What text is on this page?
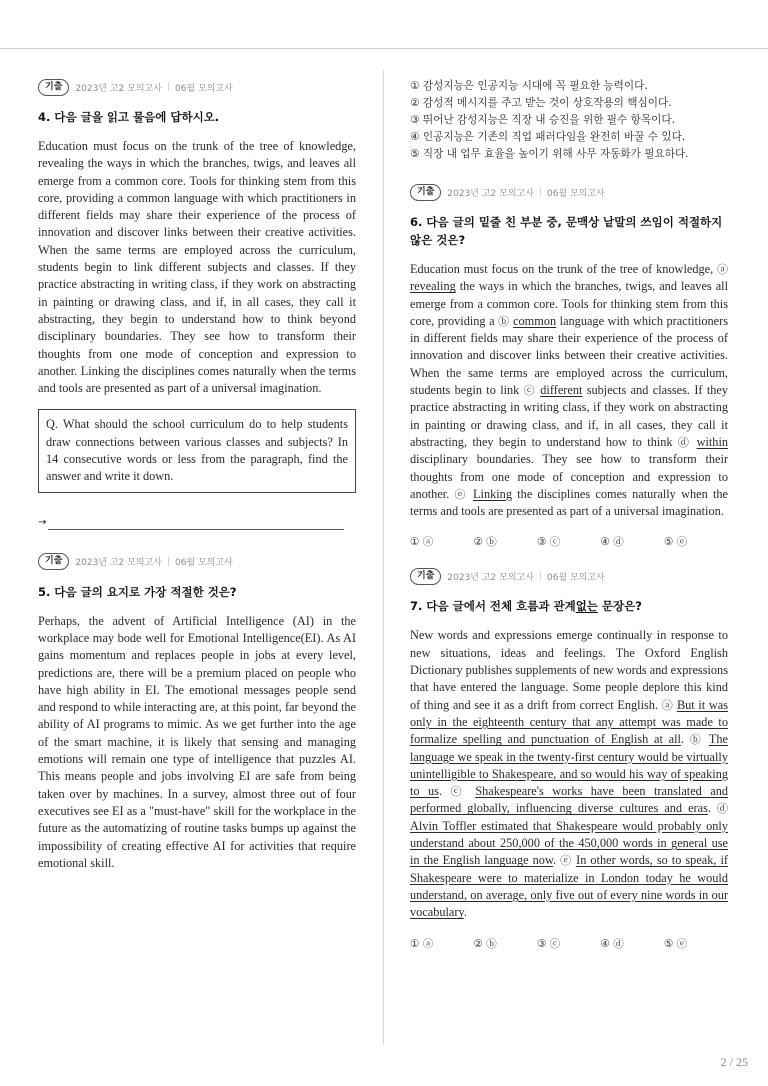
기출	2023년 고2 모의고사 | 06월 모의고사
4. 다음 글을 읽고 물음에 답하시오.

Education must focus on the trunk of the tree of knowledge, revealing the ways in which the branches, twigs, and leaves all emerge from a common core. Tools for thinking stem from this core, providing a common language with which practitioners in different fields may share their experience of the process of innovation and discover links between their creative activities. When the same terms are employed across the curriculum, students begin to link different subjects and classes. If they practice abstracting in writing class, if they work on abstracting in painting or drawing class, and if, in all cases, they call it abstracting, they begin to understand how to think beyond disciplinary boundaries. They see how to transform their thoughts from one mode of conception and expression to another. Linking the disciplines comes naturally when the terms and tools are presented as part of a universal imagination.

Q. What should the school curriculum do to help students draw connections between various classes and subjects? In 14 consecutive words or less from the paragraph, find the answer and write it down.
→
기출	2023년 고2 모의고사 | 06월 모의고사
5. 다음 글의 요지로 가장 적절한 것은?

Perhaps, the advent of Artificial Intelligence (AI) in the workplace may bode well for Emotional Intelligence(EI). As AI gains momentum and replaces people in jobs at every level, predictions are, there will be a premium placed on people who have high ability in EI. The emotional messages people send and respond to while interacting are, at this point, far beyond the ability of AI programs to mimic. As we get further into the age of the smart machine, it is likely that sensing and managing emotions will remain one type of intelligence that puzzles AI. This means people and jobs involving EI are safe from being taken over by machines. In a survey, almost three out of four executives see EI as a "must-have" skill for the workplace in the future as the automatizing of routine tasks bumps up against the impossibility of creating effective AI for activities that require emotional skill.

① 감성지능은 인공지능 시대에 꼭 필요한 능력이다.
② 감성적 메시지를 주고 받는 것이 상호작용의 핵심이다.
③ 뛰어난 감성지능은 직장 내 승진을 위한 필수 항목이다.
④ 인공지능은 기존의 직업 패러다임을 완전히 바꿀 수 있다.
⑤ 직장 내 업무 효율을 높이기 위해 사무 자동화가 필요하다.
기출	2023년 고2 모의고사 | 06월 모의고사
6. 다음 글의 밑줄 친 부분 중, 문맥상 낱말의 쓰임이 적절하지 않은 것은?

Education must focus on the trunk of the tree of knowledge, ⓐ revealing the ways in which the branches, twigs, and leaves all emerge from a common core. Tools for thinking stem from this core, providing a ⓑ common language with which practitioners in different fields may share their experience of the process of innovation and discover links between their creative activities. When the same terms are employed across the curriculum, students begin to link ⓒ different subjects and classes. If they practice abstracting in writing class, if they work on abstracting in painting or drawing class, and if, in all cases, they call it abstracting, they begin to understand how to think ⓓ within disciplinary boundaries. They see how to transform their thoughts from one mode of conception and expression to another. ⓔ Linking the disciplines comes naturally when the terms and tools are presented as part of a universal imagination.

① ⓐ	② ⓑ	③ ⓒ	④ ⓓ	⑤ ⓔ
기출	2023년 고2 모의고사 | 06월 모의고사
7. 다음 글에서 전체 흐름과 관계없는 문장은?

New words and expressions emerge continually in response to new situations, ideas and feelings. The Oxford English Dictionary publishes supplements of new words and expressions that have entered the language. Some people deplore this kind of thing and see it as a drift from correct English. ⓐ But it was only in the eighteenth century that any attempt was made to formalize spelling and punctuation of English at all. ⓑ The language we speak in the twenty-first century would be virtually unintelligible to Shakespeare, and so would his way of speaking to us. ⓒ Shakespeare's works have been translated and performed globally, influencing diverse cultures and eras. ⓓ Alvin Toffler estimated that Shakespeare would probably only understand about 250,000 of the 450,000 words in general use in the English language now. ⓔ In other words, so to speak, if Shakespeare were to materialize in London today he would understand, on average, only five out of every nine words in our vocabulary.

① ⓐ	② ⓑ	③ ⓒ	④ ⓓ	⑤ ⓔ
2 / 25
